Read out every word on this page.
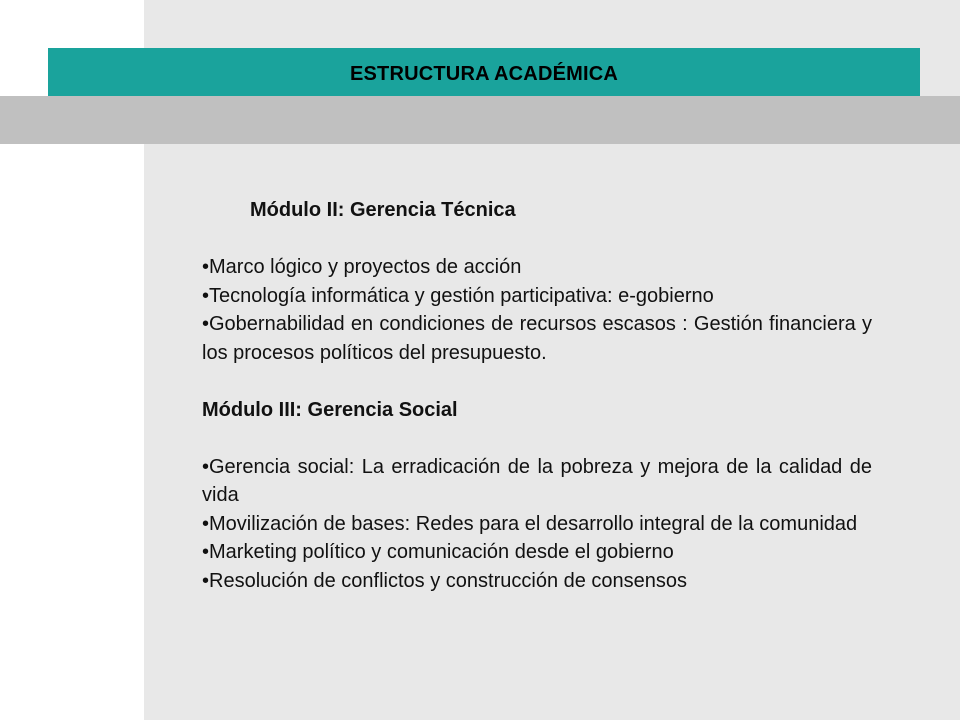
ESTRUCTURA ACADÉMICA
Módulo II: Gerencia Técnica
•Marco lógico y proyectos de acción
•Tecnología informática y gestión participativa: e-gobierno
•Gobernabilidad en condiciones de recursos escasos : Gestión financiera y los procesos políticos del presupuesto.
Módulo III: Gerencia Social
•Gerencia social: La erradicación de la pobreza y mejora de la calidad de vida
•Movilización de bases: Redes para el desarrollo integral de la comunidad
•Marketing político y comunicación desde el gobierno
•Resolución de conflictos y construcción de consensos
